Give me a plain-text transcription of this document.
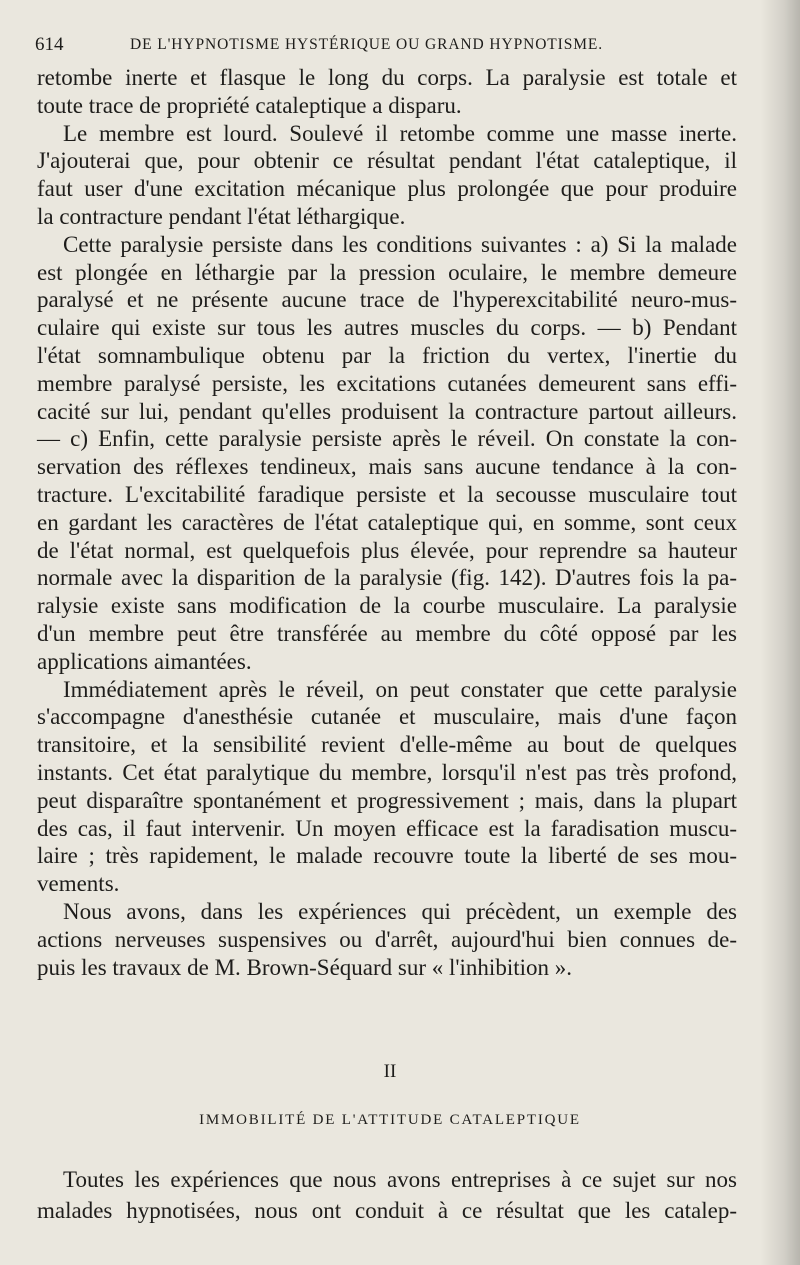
614	DE L'HYPNOTISME HYSTÉRIQUE OU GRAND HYPNOTISME.
retombe inerte et flasque le long du corps. La paralysie est totale et
toute trace de propriété cataleptique a disparu.
Le membre est lourd. Soulevé il retombe comme une masse inerte.
J'ajouterai que, pour obtenir ce résultat pendant l'état cataleptique, il
faut user d'une excitation mécanique plus prolongée que pour produire
la contracture pendant l'état léthargique.
Cette paralysie persiste dans les conditions suivantes : a) Si la malade
est plongée en léthargie par la pression oculaire, le membre demeure
paralysé et ne présente aucune trace de l'hyperexcitabilité neuro-mus-
culaire qui existe sur tous les autres muscles du corps. — b) Pendant
l'état somnambulique obtenu par la friction du vertex, l'inertie du
membre paralysé persiste, les excitations cutanées demeurent sans effi-
cacité sur lui, pendant qu'elles produisent la contracture partout ailleurs.
— c) Enfin, cette paralysie persiste après le réveil. On constate la con-
servation des réflexes tendineux, mais sans aucune tendance à la con-
tracture. L'excitabilité faradique persiste et la secousse musculaire tout
en gardant les caractères de l'état cataleptique qui, en somme, sont ceux
de l'état normal, est quelquefois plus élevée, pour reprendre sa hauteur
normale avec la disparition de la paralysie (fig. 142). D'autres fois la pa-
ralysie existe sans modification de la courbe musculaire. La paralysie
d'un membre peut être transférée au membre du côté opposé par les
applications aimantées.
Immédiatement après le réveil, on peut constater que cette paralysie
s'accompagne d'anesthésie cutanée et musculaire, mais d'une façon
transitoire, et la sensibilité revient d'elle-même au bout de quelques
instants. Cet état paralytique du membre, lorsqu'il n'est pas très profond,
peut disparaître spontanément et progressivement ; mais, dans la plupart
des cas, il faut intervenir. Un moyen efficace est la faradisation muscu-
laire ; très rapidement, le malade recouvre toute la liberté de ses mou-
vements.
Nous avons, dans les expériences qui précèdent, un exemple des
actions nerveuses suspensives ou d'arrêt, aujourd'hui bien connues de-
puis les travaux de M. Brown-Séquard sur « l'inhibition ».
II
IMMOBILITÉ DE L'ATTITUDE CATALEPTIQUE
Toutes les expériences que nous avons entreprises à ce sujet sur nos
malades hypnotisées, nous ont conduit à ce résultat que les catalep-
